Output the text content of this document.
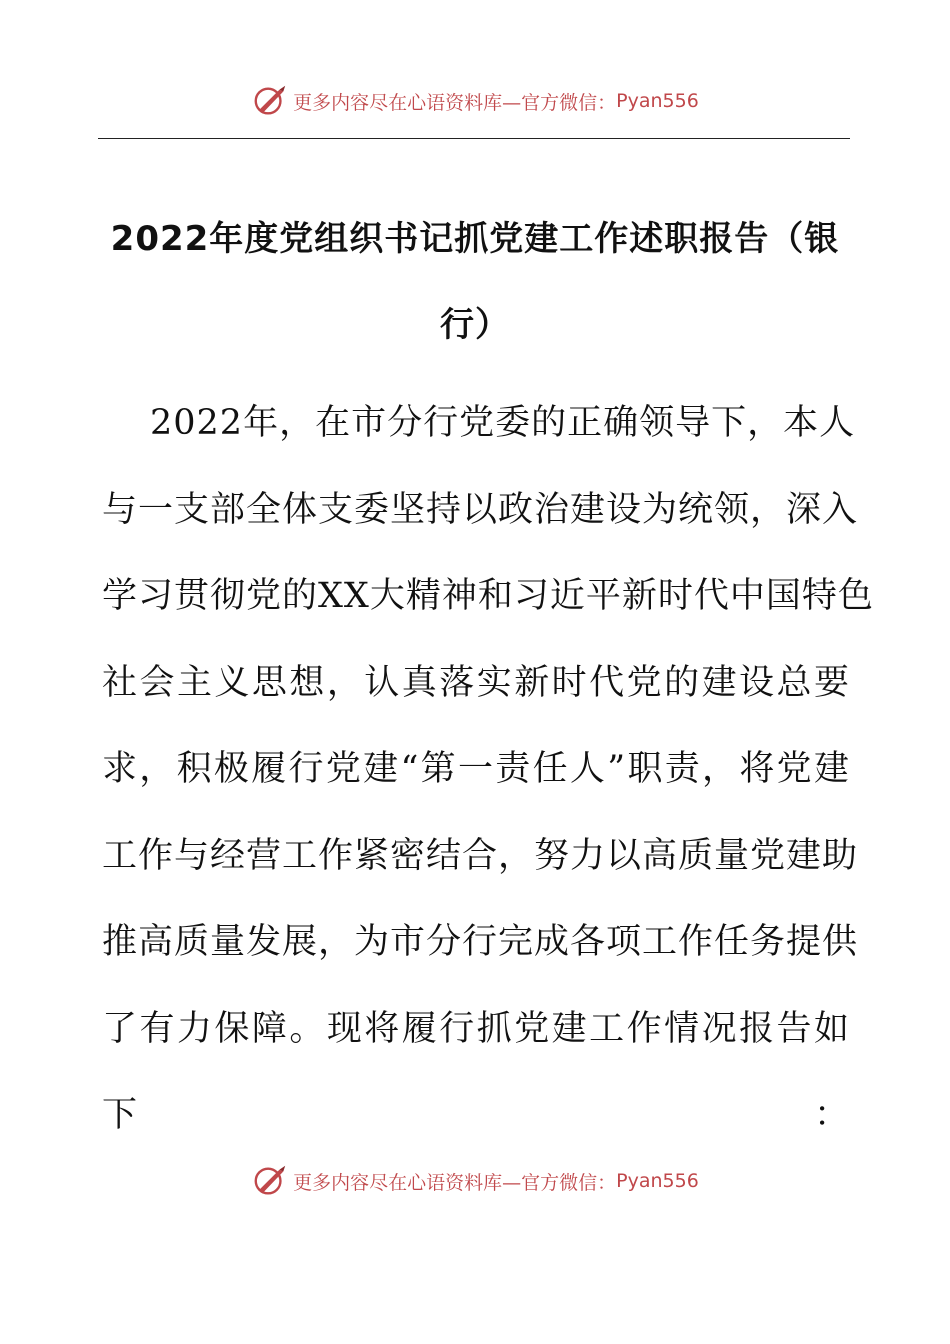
更多内容尽在心语资料库—官方微信： Pyan556
2022年度党组织书记抓党建工作述职报告（银
行）
2022年，在市分行党委的正确领导下，本人
与一支部全体支委坚持以政治建设为统领，深入
学习贯彻党的XX大精神和习近平新时代中国特色
社会主义思想，认真落实新时代党的建设总要
求，积极履行党建“第一责任人”职责，将党建
工作与经营工作紧密结合，努力以高质量党建助
推高质量发展，为市分行完成各项工作任务提供
了有力保障。现将履行抓党建工作情况报告如
下：
更多内容尽在心语资料库—官方微信： Pyan556
